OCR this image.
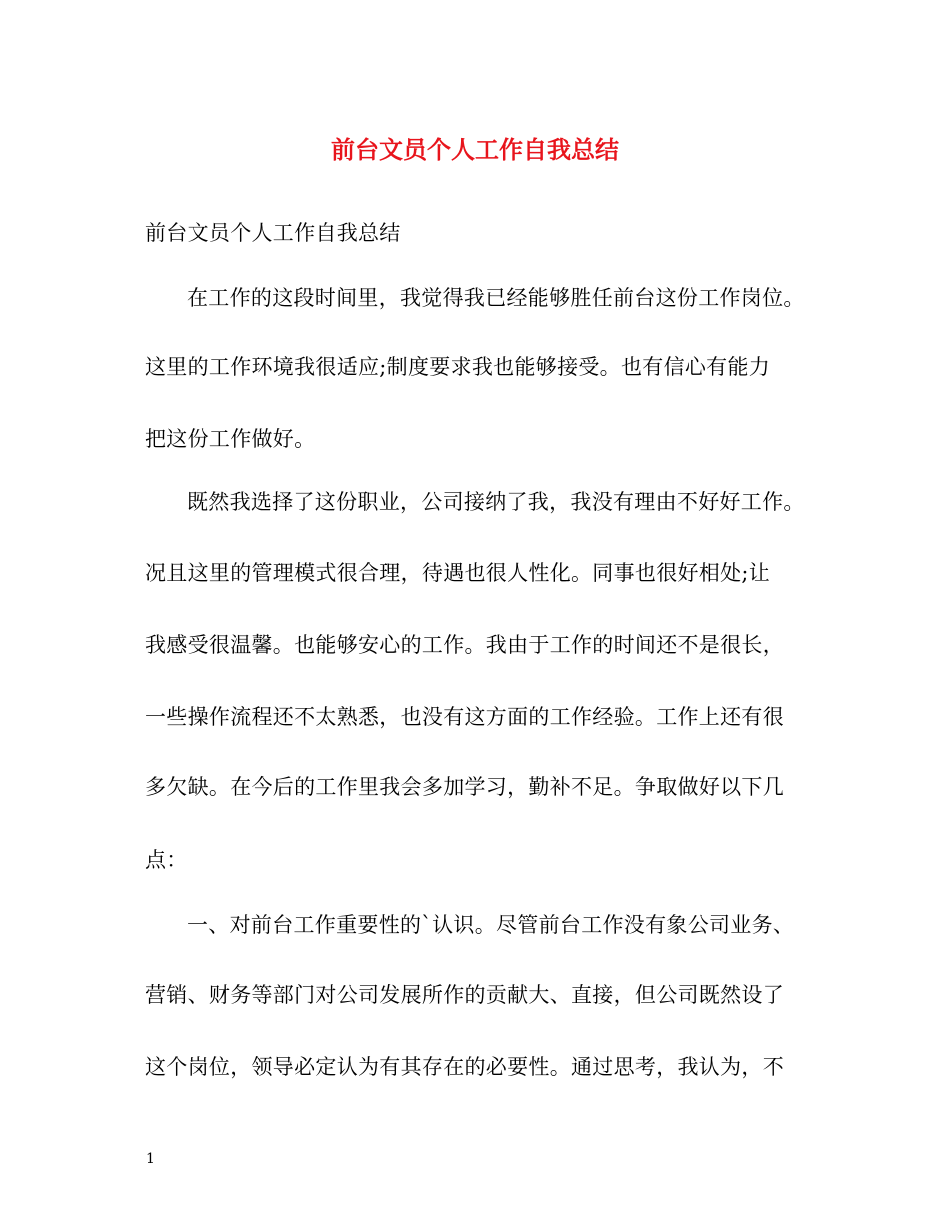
前台文员个人工作自我总结
前台文员个人工作自我总结
在工作的这段时间里，我觉得我已经能够胜任前台这份工作岗位。
这里的工作环境我很适应;制度要求我也能够接受。也有信心有能力
把这份工作做好。
既然我选择了这份职业，公司接纳了我，我没有理由不好好工作。
况且这里的管理模式很合理，待遇也很人性化。同事也很好相处;让
我感受很温馨。也能够安心的工作。我由于工作的时间还不是很长，
一些操作流程还不太熟悉，也没有这方面的工作经验。工作上还有很
多欠缺。在今后的工作里我会多加学习，勤补不足。争取做好以下几
点：
一、对前台工作重要性的`认识。尽管前台工作没有象公司业务、
营销、财务等部门对公司发展所作的贡献大、直接，但公司既然设了
这个岗位，领导必定认为有其存在的必要性。通过思考，我认为，不
1
